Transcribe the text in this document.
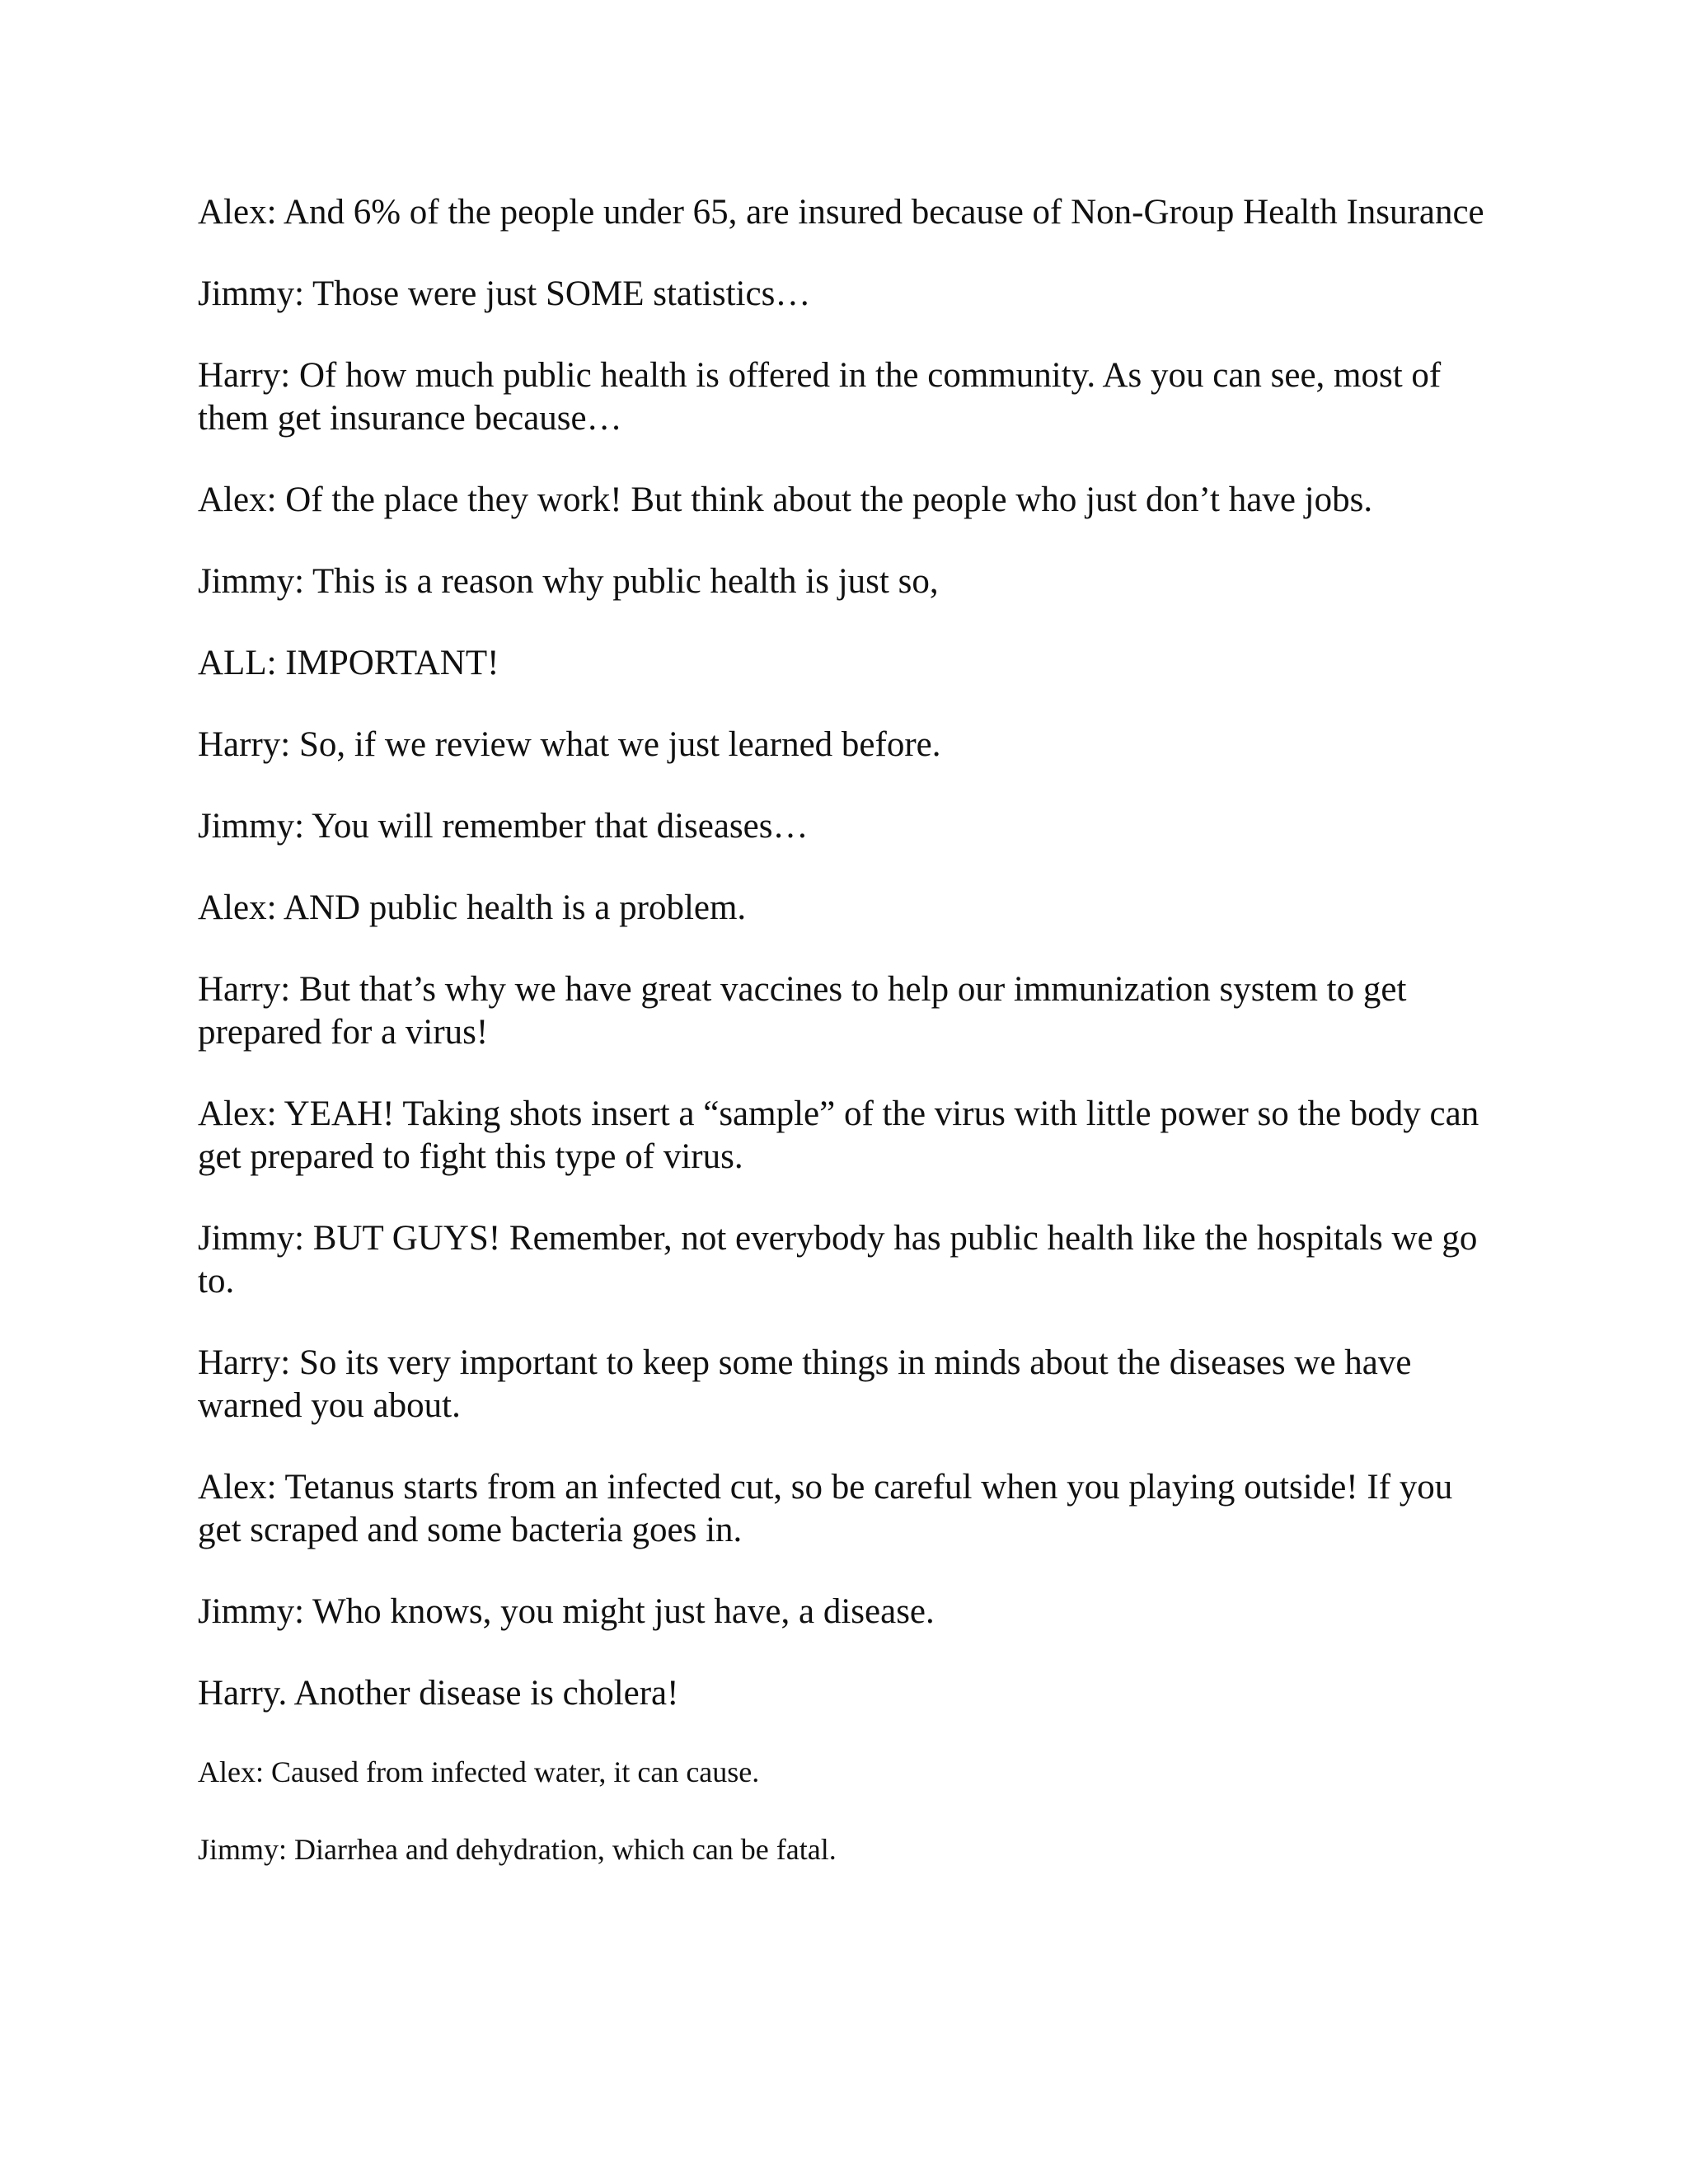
Alex: And 6% of the people under 65, are insured because of Non-Group Health Insurance

Jimmy: Those were just SOME statistics…

Harry: Of how much public health is offered in the community. As you can see, most of them get insurance because…

Alex: Of the place they work! But think about the people who just don’t have jobs.

Jimmy: This is a reason why public health is just so,

ALL: IMPORTANT!

Harry: So, if we review what we just learned before.

Jimmy: You will remember that diseases…

Alex: AND public health is a problem.

Harry: But that’s why we have great vaccines to help our immunization system to get prepared for a virus!

Alex: YEAH! Taking shots insert a “sample” of the virus with little power so the body can get prepared to fight this type of virus.

Jimmy: BUT GUYS! Remember, not everybody has public health like the hospitals we go to.

Harry: So its very important to keep some things in minds about the diseases we have warned you about.

Alex: Tetanus starts from an infected cut, so be careful when you playing outside! If you get scraped and some bacteria goes in.

Jimmy: Who knows, you might just have, a disease.

Harry. Another disease is cholera!

Alex: Caused from infected water, it can cause.

Jimmy: Diarrhea and dehydration, which can be fatal.
